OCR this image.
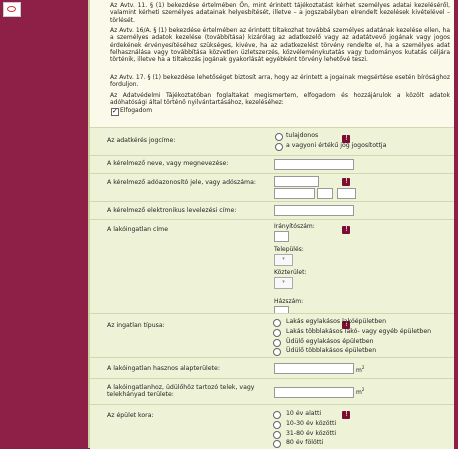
Az Avtv. 11. § (1) bekezdése értelmében Ön, mint érintett tájékoztatást kérhet személyes adatai kezeléséről, valamint kérheti személyes adatainak helyesbítését, illetve – a jogszabályban elrendelt kezelések kivételével – törlését.
Az Avtv. 16/A. § (1) bekezdése értelmében az érintett tiltakozhat továbbá személyes adatának kezelése ellen, ha a személyes adatok kezelése (továbbítása) kizárólag az adatkezelő vagy az adatátvevő jogának vagy jogos érdekének érvényesítéséhez szükséges, kivéve, ha az adatkezelést törvény rendelte el, ha a személyes adat felhasználása vagy továbbítása közvetlen üzletszerzés, közvéleménykutatás vagy tudományos kutatás céljára történik, illetve ha a tiltakozás jogának gyakorlását egyébként törvény lehetővé teszi.
Az Avtv. 17. § (1) bekezdése lehetőséget biztosít arra, hogy az érintett a jogainak megsértése esetén bírósághoz forduljon.
Az Adatvédelmi Tájékoztatóban foglaltakat megismertem, elfogadom és hozzájárulok a közölt adatok adóhatósági által történő nyilvántartásához, kezeléséhez:
✓
Elfogadom
Az adatkérés jogcíme:
!
tulajdonos
a vagyoni értékű jog jogosítottja
A kérelmező neve, vagy megnevezése:
A kérelmező adóazonosító jele, vagy adószáma:
!
A kérelmező elektronikus levelezési címe:
!
A lakóingatlan címe !	Irányítószám:
Település:
▾
Közterület:
▾
Házszám:
Az ingatlan típusa:
!
Lakás egylakásos lakóépületben
Lakás többlakásos lakó- vagy egyéb épületben
Üdülő egylakásos épületben
Üdülő többlakásos épületben
A lakóingatlan hasznos alapterülete: !	$m^2$
A lakóingatlanhoz, üdülőhöz tartozó telek, vagy telekhányad területe:	$m^2$
Az épület kora: !	10 év alatti
10-30 év közötti
31-80 év közötti
80 év fölötti
